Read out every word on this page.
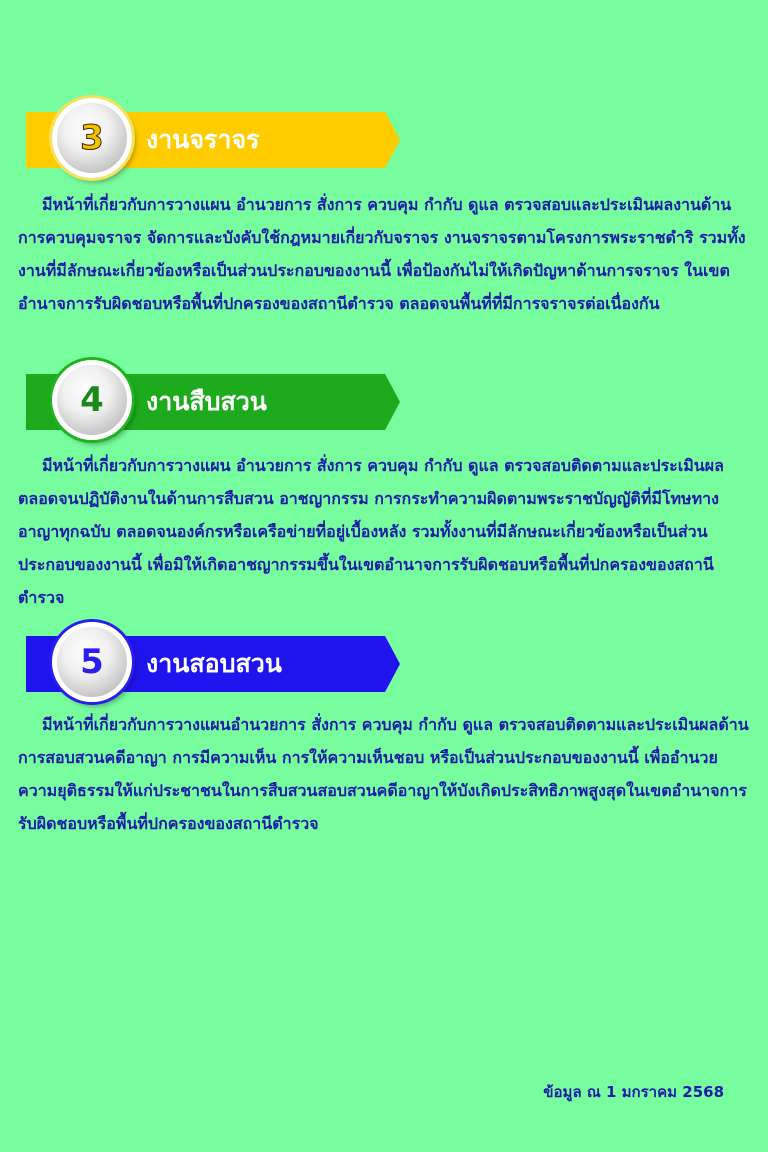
3	งานจราจร

มีหน้าที่เกี่ยวกับการวางแผน อำนวยการ สั่งการ ควบคุม กำกับ ดูแล ตรวจสอบและประเมินผลงานด้านการควบคุมจราจร จัดการและบังคับใช้กฎหมายเกี่ยวกับจราจร งานจราจรตามโครงการพระราชดำริ รวมทั้งงานที่มีลักษณะเกี่ยวข้องหรือเป็นส่วนประกอบของงานนี้ เพื่อป้องกันไม่ให้เกิดปัญหาด้านการจราจร ในเขตอำนาจการรับผิดชอบหรือพื้นที่ปกครองของสถานีตำรวจ ตลอดจนพื้นที่ที่มีการจราจรต่อเนื่องกัน

4	งานสืบสวน

มีหน้าที่เกี่ยวกับการวางแผน อำนวยการ สั่งการ ควบคุม กำกับ ดูแล ตรวจสอบติดตามและประเมินผล ตลอดจนปฏิบัติงานในด้านการสืบสวน อาชญากรรม การกระทำความผิดตามพระราชบัญญัติที่มีโทษทางอาญาทุกฉบับ ตลอดจนองค์กรหรือเครือข่ายที่อยู่เบื้องหลัง รวมทั้งงานที่มีลักษณะเกี่ยวข้องหรือเป็นส่วนประกอบของงานนี้ เพื่อมิให้เกิดอาชญากรรมขึ้นในเขตอำนาจการรับผิดชอบหรือพื้นที่ปกครองของสถานีตำรวจ

5	งานสอบสวน

มีหน้าที่เกี่ยวกับการวางแผนอำนวยการ สั่งการ ควบคุม กำกับ ดูแล ตรวจสอบติดตามและประเมินผลด้านการสอบสวนคดีอาญา การมีความเห็น การให้ความเห็นชอบ หรือเป็นส่วนประกอบของงานนี้ เพื่ออำนวยความยุติธรรมให้แก่ประชาชนในการสืบสวนสอบสวนคดีอาญาให้บังเกิดประสิทธิภาพสูงสุดในเขตอำนาจการรับผิดชอบหรือพื้นที่ปกครองของสถานีตำรวจ

ข้อมูล ณ 1 มกราคม 2568
